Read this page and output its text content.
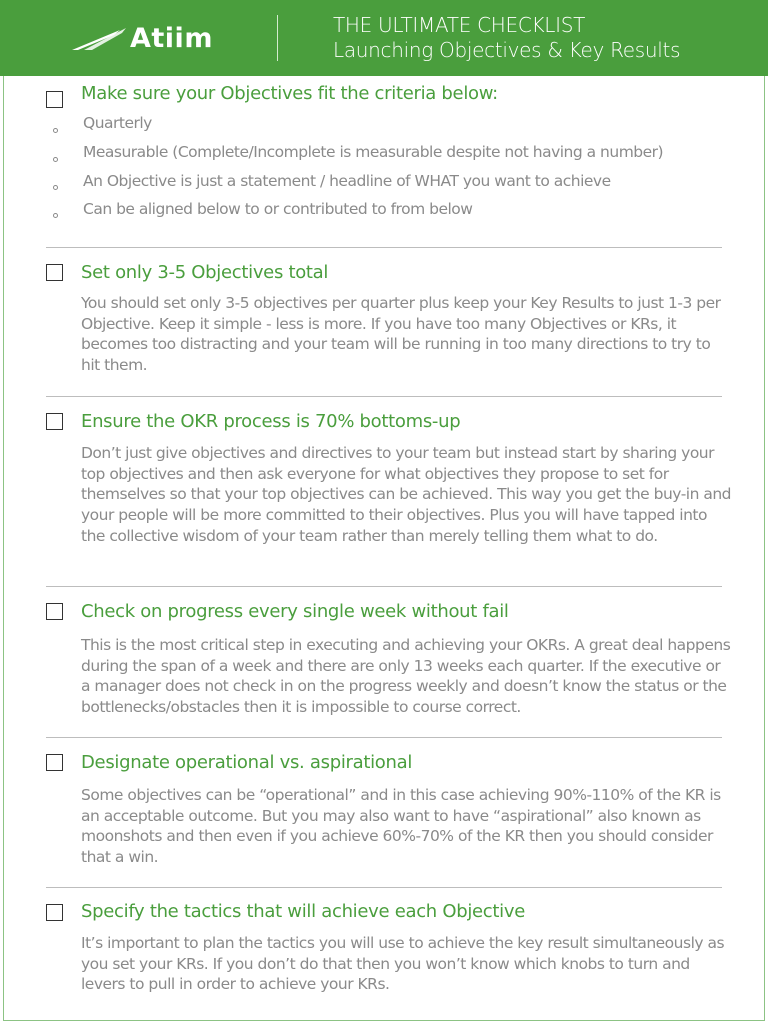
Atiim	THE ULTIMATE CHECKLIST
Launching Objectives & Key Results
Make sure your Objectives fit the criteria below:
Quarterly
Measurable (Complete/Incomplete is measurable despite not having a number)
An Objective is just a statement / headline of WHAT you want to achieve
Can be aligned below to or contributed to from below
Set only 3-5 Objectives total
You should set only 3-5 objectives per quarter plus keep your Key Results to just 1-3 per Objective. Keep it simple - less is more. If you have too many Objectives or KRs, it becomes too distracting and your team will be running in too many directions to try to hit them.
Ensure the OKR process is 70% bottoms-up
Don’t just give objectives and directives to your team but instead start by sharing your top objectives and then ask everyone for what objectives they propose to set for themselves so that your top objectives can be achieved. This way you get the buy-in and your people will be more committed to their objectives. Plus you will have tapped into the collective wisdom of your team rather than merely telling them what to do.
Check on progress every single week without fail
This is the most critical step in executing and achieving your OKRs. A great deal happens during the span of a week and there are only 13 weeks each quarter. If the executive or a manager does not check in on the progress weekly and doesn’t know the status or the bottlenecks/obstacles then it is impossible to course correct.
Designate operational vs. aspirational
Some objectives can be “operational” and in this case achieving 90%-110% of the KR is an acceptable outcome. But you may also want to have “aspirational” also known as moonshots and then even if you achieve 60%-70% of the KR then you should consider that a win.
Specify the tactics that will achieve each Objective
It’s important to plan the tactics you will use to achieve the key result simultaneously as you set your KRs. If you don’t do that then you won’t know which knobs to turn and levers to pull in order to achieve your KRs.
